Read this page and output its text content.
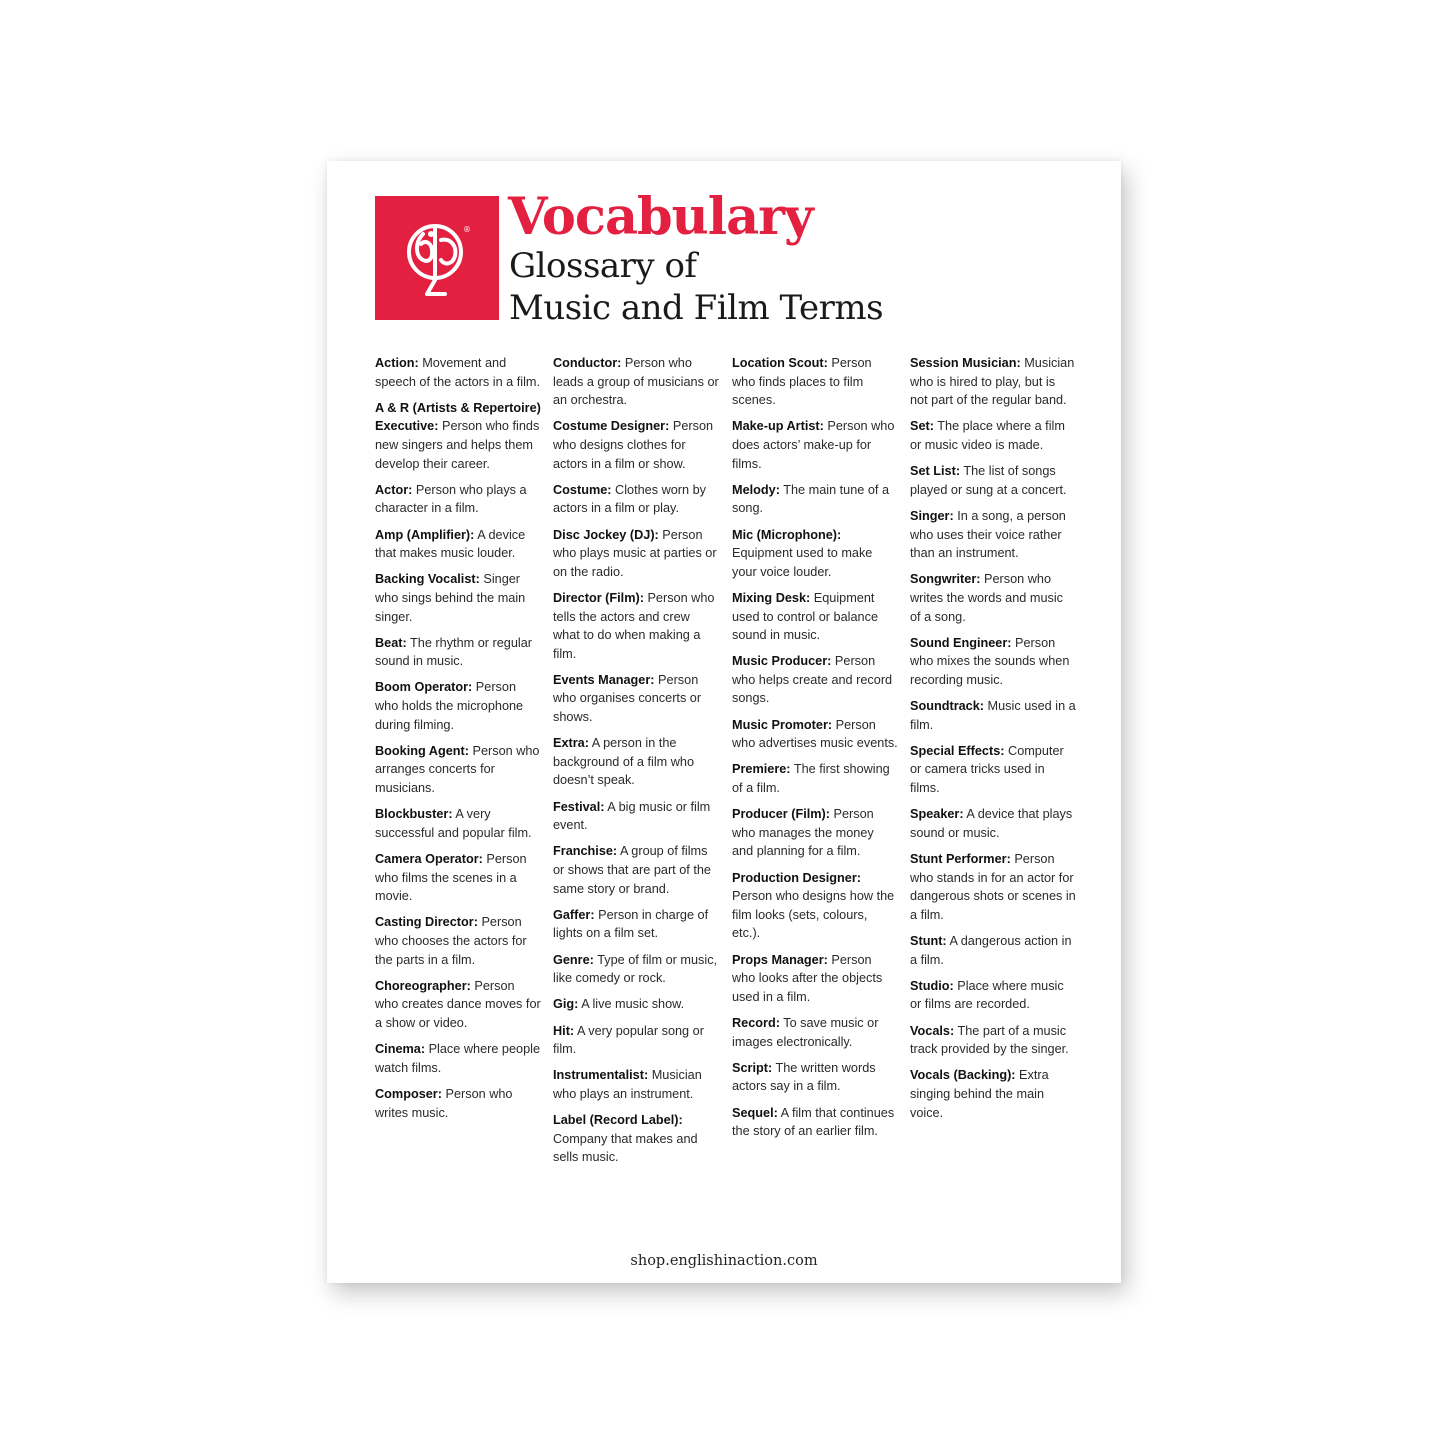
® Vocabulary
Glossary of
Music and Film Terms
Action: Movement and speech of the actors in a film.
A & R (Artists & Repertoire) Executive: Person who finds new singers and helps them develop their career.
Actor: Person who plays a character in a film.
Amp (Amplifier): A device that makes music louder.
Backing Vocalist: Singer who sings behind the main singer.
Beat: The rhythm or regular sound in music.
Boom Operator: Person who holds the microphone during filming.
Booking Agent: Person who arranges concerts for musicians.
Blockbuster: A very successful and popular film.
Camera Operator: Person who films the scenes in a movie.
Casting Director: Person who chooses the actors for the parts in a film.
Choreographer: Person who creates dance moves for a show or video.
Cinema: Place where people watch films.
Composer: Person who writes music.
Conductor: Person who leads a group of musicians or an orchestra.
Costume Designer: Person who designs clothes for actors in a film or show.
Costume: Clothes worn by actors in a film or play.
Disc Jockey (DJ): Person who plays music at parties or on the radio.
Director (Film): Person who tells the actors and crew what to do when making a film.
Events Manager: Person who organises concerts or shows.
Extra: A person in the background of a film who doesn’t speak.
Festival: A big music or film event.
Franchise: A group of films or shows that are part of the same story or brand.
Gaffer: Person in charge of lights on a film set.
Genre: Type of film or music, like comedy or rock.
Gig: A live music show.
Hit: A very popular song or film.
Instrumentalist: Musician who plays an instrument.
Label (Record Label): Company that makes and sells music.
Location Scout: Person who finds places to film scenes.
Make-up Artist: Person who does actors’ make-up for films.
Melody: The main tune of a song.
Mic (Microphone): Equipment used to make your voice louder.
Mixing Desk: Equipment used to control or balance sound in music.
Music Producer: Person who helps create and record songs.
Music Promoter: Person who advertises music events.
Premiere: The first showing of a film.
Producer (Film): Person who manages the money and planning for a film.
Production Designer: Person who designs how the film looks (sets, colours, etc.).
Props Manager: Person who looks after the objects used in a film.
Record: To save music or images electronically.
Script: The written words actors say in a film.
Sequel: A film that continues the story of an earlier film.
Session Musician: Musician who is hired to play, but is not part of the regular band.
Set: The place where a film or music video is made.
Set List: The list of songs played or sung at a concert.
Singer: In a song, a person who uses their voice rather than an instrument.
Songwriter: Person who writes the words and music of a song.
Sound Engineer: Person who mixes the sounds when recording music.
Soundtrack: Music used in a film.
Special Effects: Computer or camera tricks used in films.
Speaker: A device that plays sound or music.
Stunt Performer: Person who stands in for an actor for dangerous shots or scenes in a film.
Stunt: A dangerous action in a film.
Studio: Place where music or films are recorded.
Vocals: The part of a music track provided by the singer.
Vocals (Backing): Extra singing behind the main voice.
shop.englishinaction.com
